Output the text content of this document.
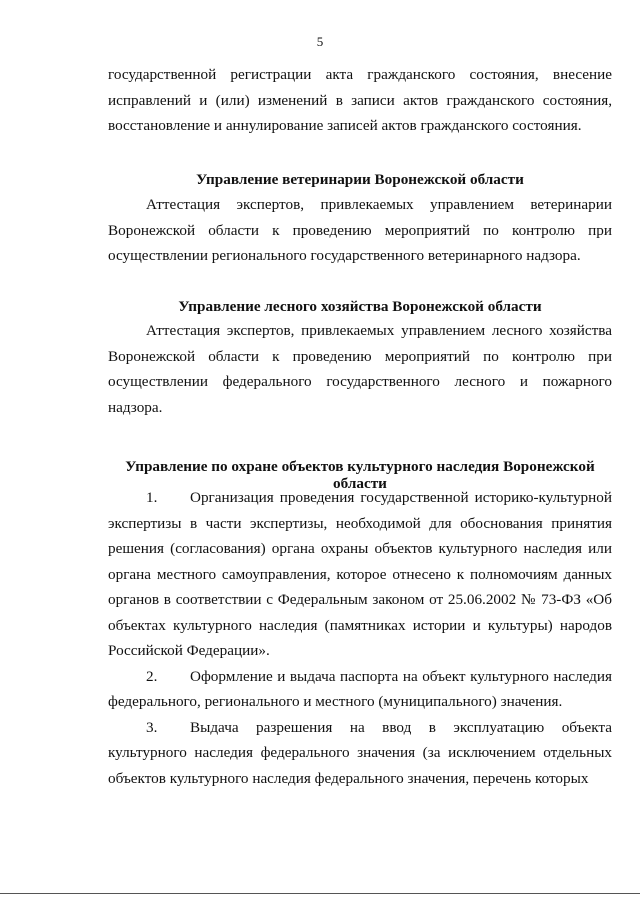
5

государственной регистрации акта гражданского состояния, внесение исправлений и (или) изменений в записи актов гражданского состояния, восстановление и аннулирование записей актов гражданского состояния.

Управление ветеринарии Воронежской области

Аттестация экспертов, привлекаемых управлением ветеринарии Воронежской области к проведению мероприятий по контролю при осуществлении регионального государственного ветеринарного надзора.

Управление лесного хозяйства Воронежской области

Аттестация экспертов, привлекаемых управлением лесного хозяйства Воронежской области к проведению мероприятий по контролю при осуществлении федерального государственного лесного и пожарного надзора.

Управление по охране объектов культурного наследия Воронежской
области

1. Организация проведения государственной историко-культурной экспертизы в части экспертизы, необходимой для обоснования принятия решения (согласования) органа охраны объектов культурного наследия или органа местного самоуправления, которое отнесено к полномочиям данных органов в соответствии с Федеральным законом от 25.06.2002 № 73-ФЗ «Об объектах культурного наследия (памятниках истории и культуры) народов Российской Федерации».

2. Оформление и выдача паспорта на объект культурного наследия федерального, регионального и местного (муниципального) значения.

3. Выдача разрешения на ввод в эксплуатацию объекта культурного наследия федерального значения (за исключением отдельных объектов культурного наследия федерального значения, перечень которых
